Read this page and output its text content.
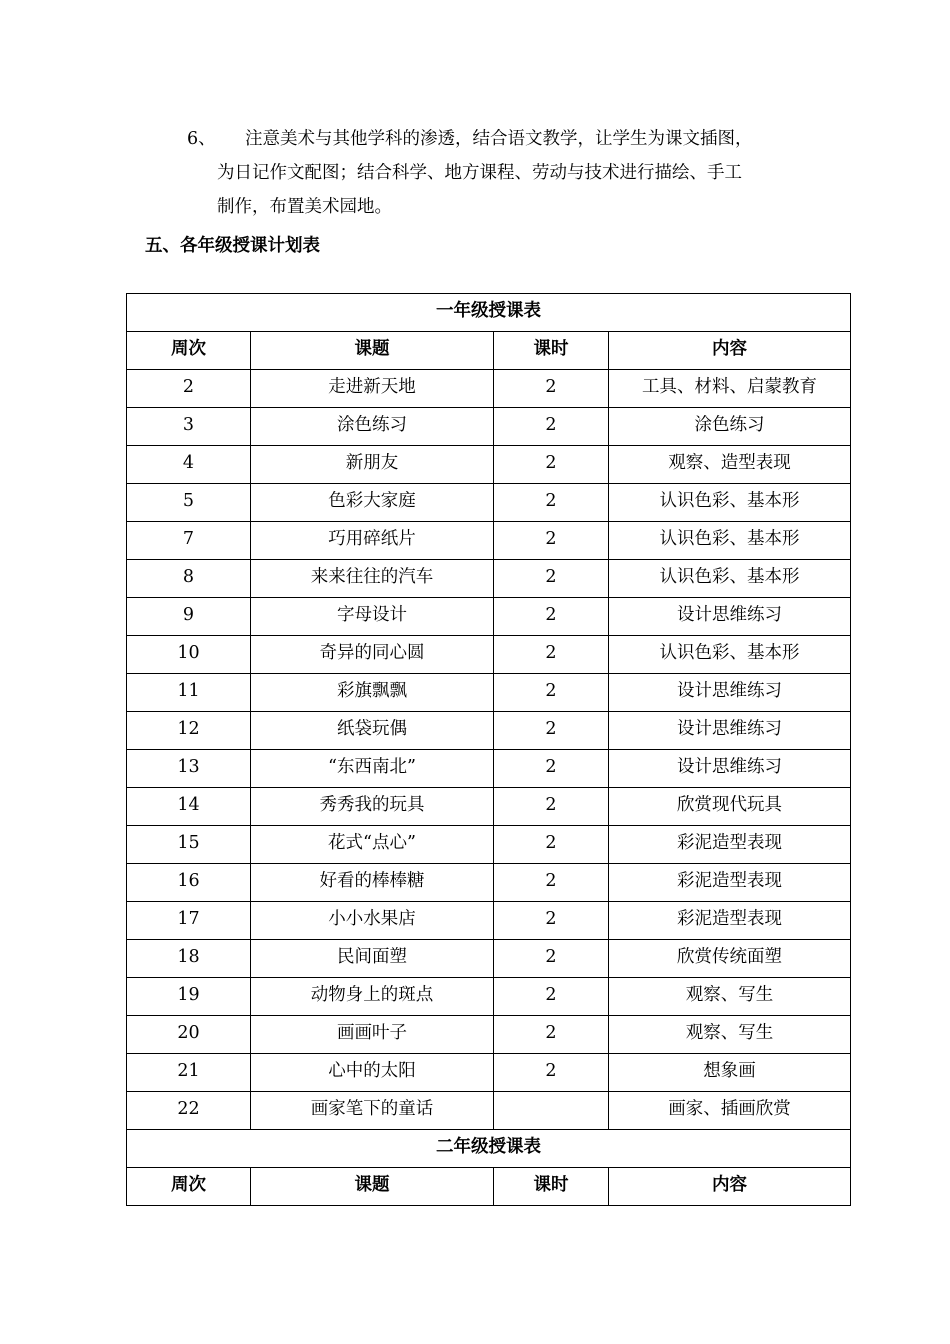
6、 注意美术与其他学科的渗透，结合语文教学，让学生为课文插图，
为日记作文配图；结合科学、地方课程、劳动与技术进行描绘、手工
制作，布置美术园地。
五、各年级授课计划表
一年级授课表			
周次	课题	课时	内容
2	走进新天地	2	工具、材料、启蒙教育
3	涂色练习	2	涂色练习
4	新朋友	2	观察、造型表现
5	色彩大家庭	2	认识色彩、基本形
7	巧用碎纸片	2	认识色彩、基本形
8	来来往往的汽车	2	认识色彩、基本形
9	字母设计	2	设计思维练习
10	奇异的同心圆	2	认识色彩、基本形
11	彩旗飘飘	2	设计思维练习
12	纸袋玩偶	2	设计思维练习
13	“东西南北”	2	设计思维练习
14	秀秀我的玩具	2	欣赏现代玩具
15	花式“点心”	2	彩泥造型表现
16	好看的棒棒糖	2	彩泥造型表现
17	小小水果店	2	彩泥造型表现
18	民间面塑	2	欣赏传统面塑
19	动物身上的斑点	2	观察、写生
20	画画叶子	2	观察、写生
21	心中的太阳	2	想象画
22	画家笔下的童话		画家、插画欣赏
二年级授课表			
周次	课题	课时	内容
